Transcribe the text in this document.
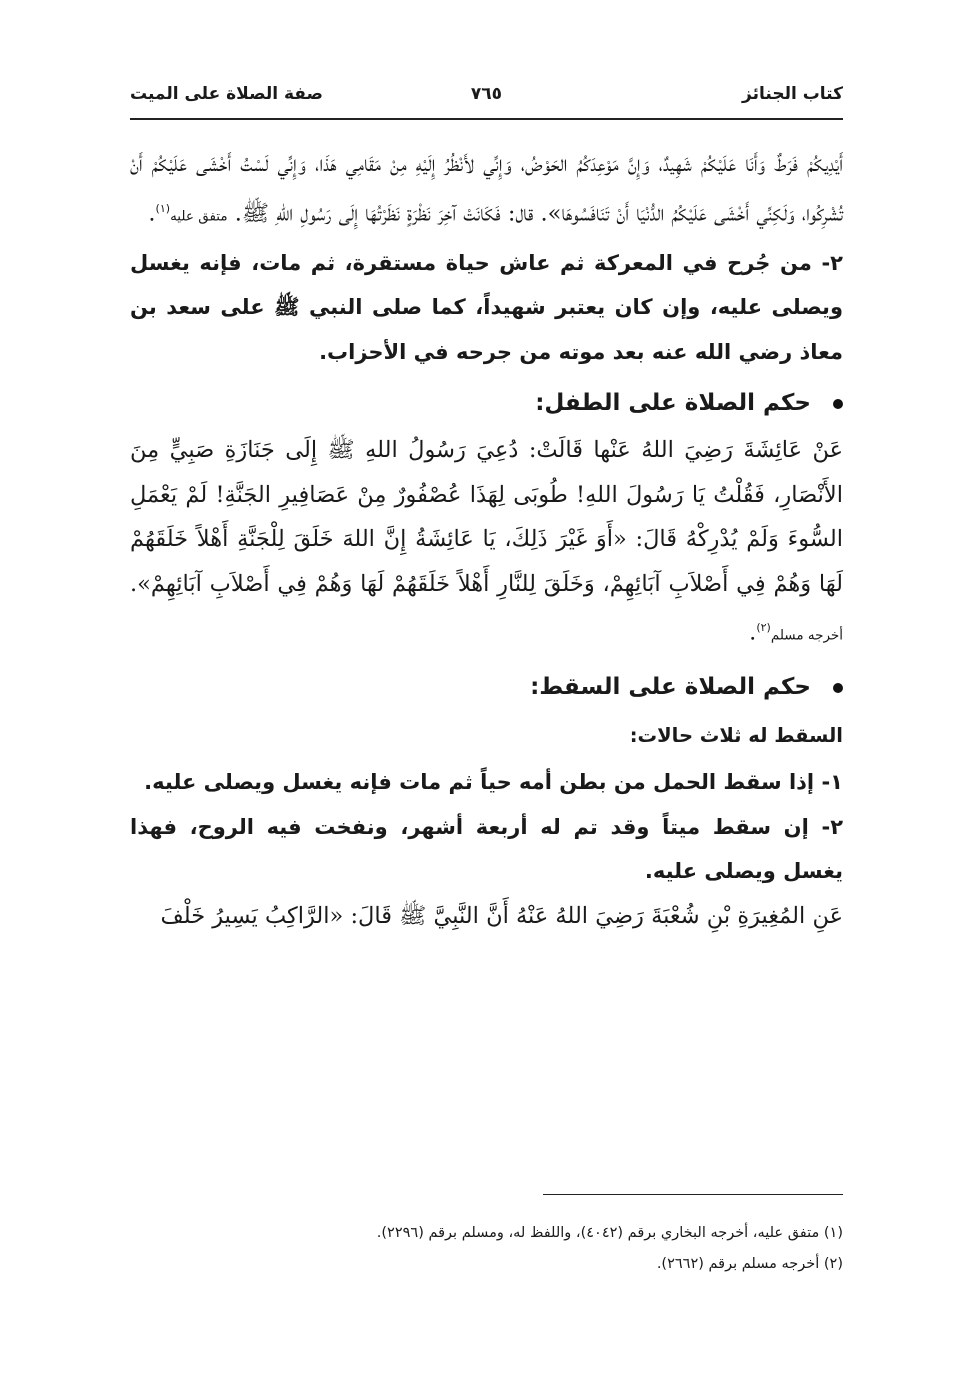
كتاب الجنائز
٧٦٥
صفة الصلاة على الميت

أَيْدِيكُمْ فَرَطٌ وَأَنَا عَلَيْكُمْ شَهِيدٌ، وَإِنَّ مَوْعِدَكُمُ الحَوْضُ، وَإِنِّي لأَنْظُرُ إِلَيْهِ مِنْ مَقَامِي هَذَا، وَإِنِّي لَسْتُ أَخْشَى عَلَيْكُمْ أَنْ تُشْرِكُوا، وَلَكِنِّي أَخْشَى عَلَيْكُمُ الدُّنْيَا أَنْ تَنَافَسُوهَا». قال: فَكَانَتْ آخِرَ نَظْرَةٍ نَظَرْتُهَا إِلَى رَسُولِ اللهِ ﷺ. متفق عليه$^{(١)}$.

٢- من جُرح في المعركة ثم عاش حياة مستقرة، ثم مات، فإنه يغسل ويصلى عليه، وإن كان يعتبر شهيداً، كما صلى النبي ﷺ على سعد بن معاذ رضي الله عنه بعد موته من جرحه في الأحزاب.

حكم الصلاة على الطفل:

عَنْ عَائِشَةَ رَضِيَ اللهُ عَنْها قَالَتْ: دُعِيَ رَسُولُ اللهِ ﷺ إِلَى جَنَازَةِ صَبِيٍّ مِنَ الأَنْصَارِ، فَقُلْتُ يَا رَسُولَ اللهِ! طُوبَى لِهَذَا عُصْفُورٌ مِنْ عَصَافِيرِ الجَنَّةِ! لَمْ يَعْمَلِ السُّوءَ وَلَمْ يُدْرِكْهُ قَالَ: «أَوَ غَيْرَ ذَلِكَ، يَا عَائِشَةُ إِنَّ اللهَ خَلَقَ لِلْجَنَّةِ أَهْلاً خَلَقَهُمْ لَهَا وَهُمْ فِي أَصْلاَبِ آبَائِهِمْ، وَخَلَقَ لِلنَّارِ أَهْلاً خَلَقَهُمْ لَهَا وَهُمْ فِي أَصْلاَبِ آبَائِهِمْ». أخرجه مسلم$^{(٢)}$.

حكم الصلاة على السقط:

السقط له ثلاث حالات:

١- إذا سقط الحمل من بطن أمه حياً ثم مات فإنه يغسل ويصلى عليه.

٢- إن سقط ميتاً وقد تم له أربعة أشهر، ونفخت فيه الروح، فهذا يغسل ويصلى عليه.

عَنِ المُغِيرَةِ بْنِ شُعْبَةَ رَضِيَ اللهُ عَنْهُ أَنَّ النَّبِيَّ ﷺ قَالَ: «الرَّاكِبُ يَسِيرُ خَلْفَ

(١) متفق عليه، أخرجه البخاري برقم (٤٠٤٢)، واللفظ له، ومسلم برقم (٢٢٩٦).

(٢) أخرجه مسلم برقم (٢٦٦٢).
